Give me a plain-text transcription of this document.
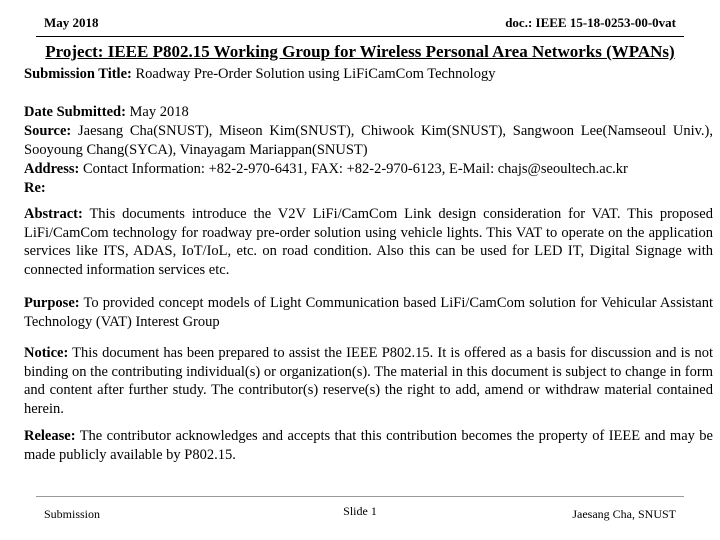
May 2018	doc.: IEEE 15-18-0253-00-0vat
Project: IEEE P802.15 Working Group for Wireless Personal Area Networks (WPANs)
Submission Title: Roadway Pre-Order Solution using LiFiCamCom Technology
Date Submitted: May 2018
Source: Jaesang Cha(SNUST), Miseon Kim(SNUST), Chiwook Kim(SNUST), Sangwoon Lee(Namseoul Univ.), Sooyoung Chang(SYCA), Vinayagam Mariappan(SNUST)
Address: Contact Information: +82-2-970-6431, FAX: +82-2-970-6123, E-Mail: chajs@seoultech.ac.kr
Re:
Abstract: This documents introduce the V2V LiFi/CamCom Link design consideration for VAT. This proposed LiFi/CamCom technology for roadway pre-order solution using vehicle lights. This VAT to operate on the application services like ITS, ADAS, IoT/IoL, etc. on road condition. Also this can be used for LED IT, Digital Signage with connected information services etc.
Purpose: To provided concept models of Light Communication based LiFi/CamCom solution for Vehicular Assistant Technology (VAT) Interest Group
Notice: This document has been prepared to assist the IEEE P802.15. It is offered as a basis for discussion and is not binding on the contributing individual(s) or organization(s). The material in this document is subject to change in form and content after further study. The contributor(s) reserve(s) the right to add, amend or withdraw material contained herein.
Release: The contributor acknowledges and accepts that this contribution becomes the property of IEEE and may be made publicly available by P802.15.
Submission	Slide 1	Jaesang Cha, SNUST
